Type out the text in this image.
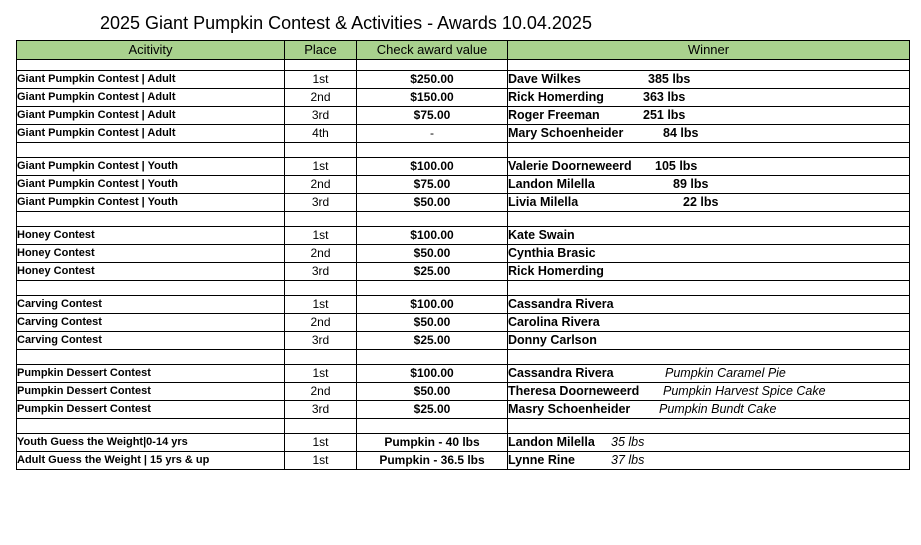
2025 Giant Pumpkin Contest & Activities - Awards 10.04.2025
Acitivity	Place	Check award value	Winner

Giant Pumpkin Contest | Adult	1st	$250.00	Dave Wilkes 385 lbs

Giant Pumpkin Contest | Adult	2nd	$150.00	Rick Homerding 363 lbs

Giant Pumpkin Contest | Adult	3rd	$75.00	Roger Freeman 251 lbs

Giant Pumpkin Contest | Adult	4th	-	Mary Schoenheider 84 lbs

Giant Pumpkin Contest | Youth	1st	$100.00	Valerie Doorneweerd 105 lbs

Giant Pumpkin Contest | Youth	2nd	$75.00	Landon Milella 89 lbs

Giant Pumpkin Contest | Youth	3rd	$50.00	Livia Milella 22 lbs

Honey Contest	1st	$100.00	Kate Swain
Honey Contest	2nd	$50.00	Cynthia Brasic
Honey Contest	3rd	$25.00	Rick Homerding

Carving Contest	1st	$100.00	Cassandra Rivera
Carving Contest	2nd	$50.00	Carolina Rivera
Carving Contest	3rd	$25.00	Donny Carlson

Pumpkin Dessert Contest	1st	$100.00	Cassandra Rivera Pumpkin Caramel Pie

Pumpkin Dessert Contest	2nd	$50.00	Theresa Doorneweerd Pumpkin Harvest Spice Cake

Pumpkin Dessert Contest	3rd	$25.00	Masry Schoenheider Pumpkin Bundt Cake

Youth Guess the Weight|0-14 yrs	1st	Pumpkin - 40 lbs	Landon Milella 35 lbs

Adult Guess the Weight | 15 yrs & up	1st	Pumpkin - 36.5 lbs	Lynne Rine 37 lbs
